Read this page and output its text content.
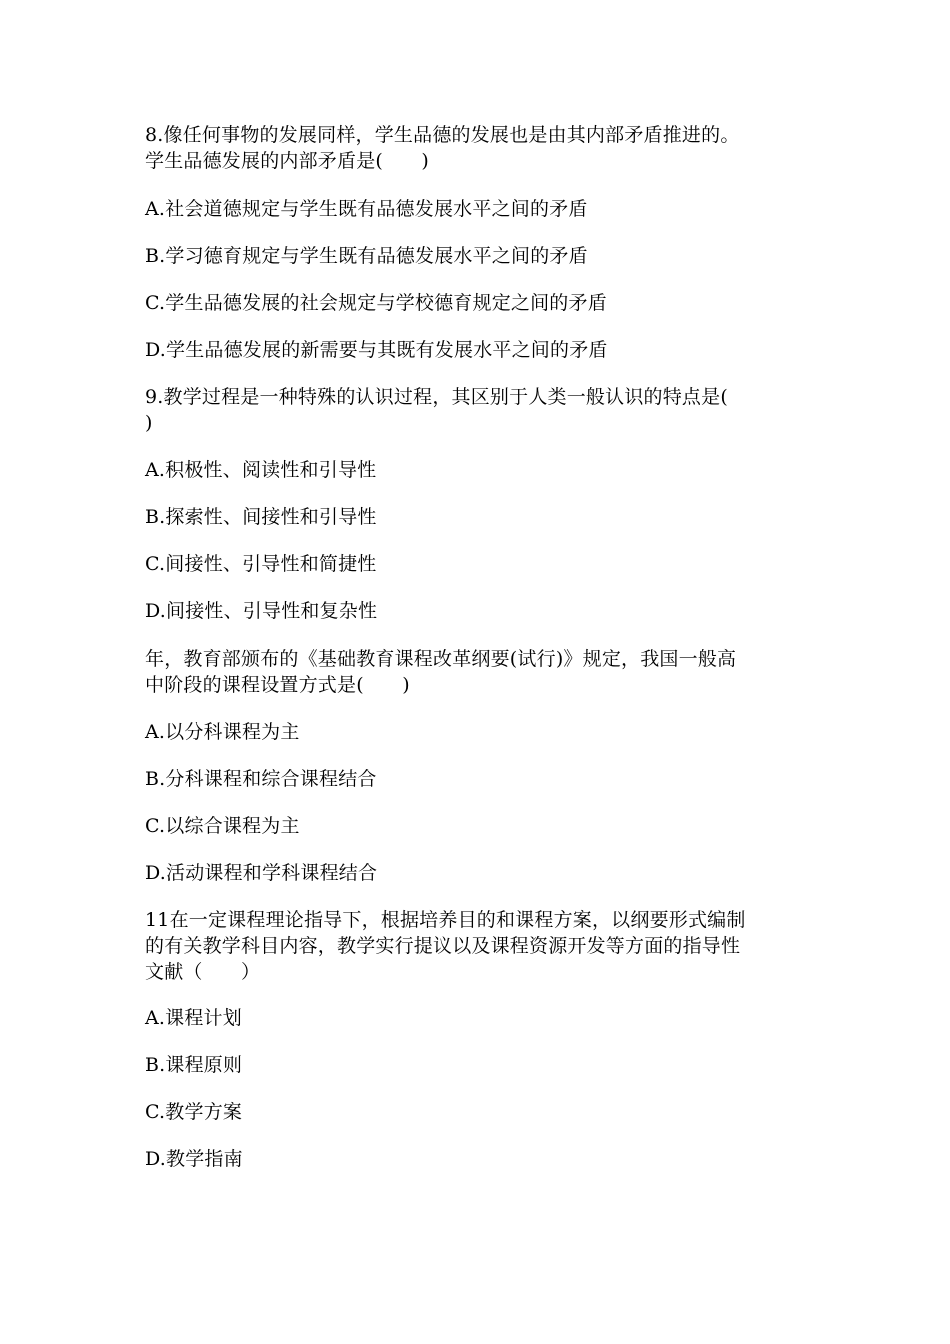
8.像任何事物的发展同样，学生品德的发展也是由其内部矛盾推进的。
学生品德发展的内部矛盾是(　　)
A.社会道德规定与学生既有品德发展水平之间的矛盾
B.学习德育规定与学生既有品德发展水平之间的矛盾
C.学生品德发展的社会规定与学校德育规定之间的矛盾
D.学生品德发展的新需要与其既有发展水平之间的矛盾
9.教学过程是一种特殊的认识过程，其区别于人类一般认识的特点是(
)
A.积极性、阅读性和引导性
B.探索性、间接性和引导性
C.间接性、引导性和简捷性
D.间接性、引导性和复杂性
年，教育部颁布的《基础教育课程改革纲要(试行)》规定，我国一般高
中阶段的课程设置方式是(　　)
A.以分科课程为主
B.分科课程和综合课程结合
C.以综合课程为主
D.活动课程和学科课程结合
11在一定课程理论指导下，根据培养目的和课程方案，以纲要形式编制
的有关教学科目内容，教学实行提议以及课程资源开发等方面的指导性
文献（　　）
A.课程计划
B.课程原则
C.教学方案
D.教学指南
